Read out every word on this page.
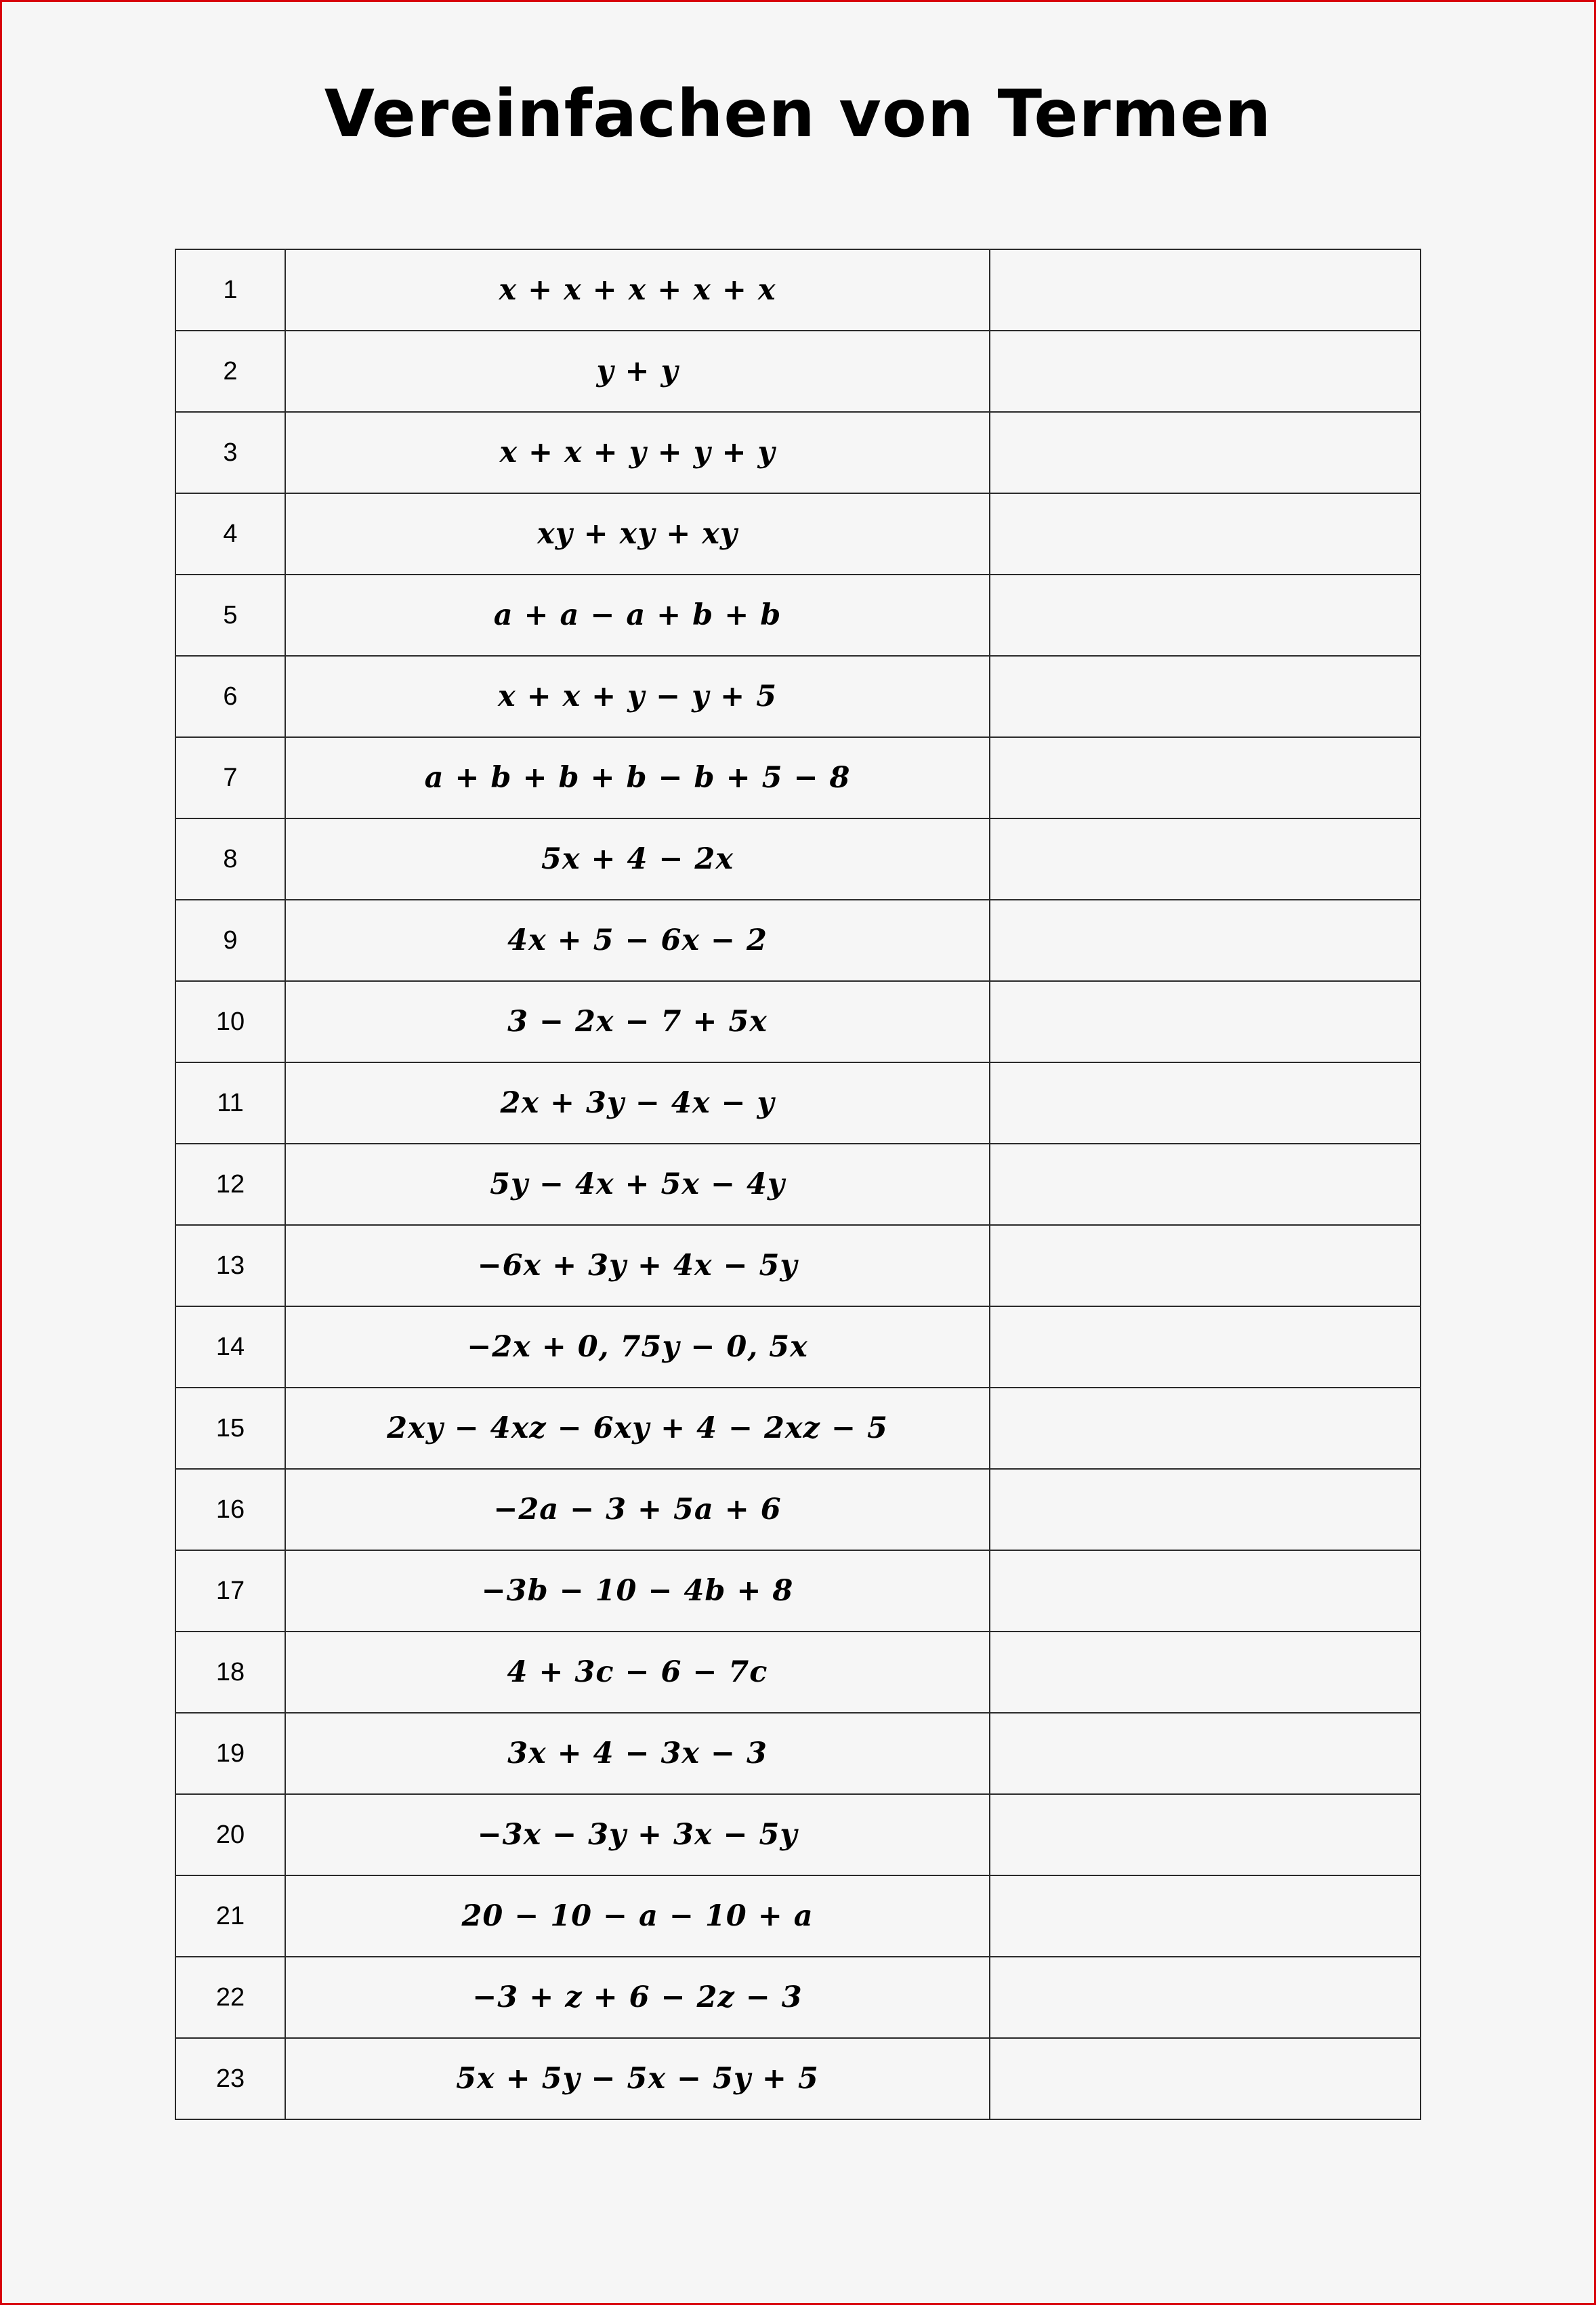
Vereinfachen von Termen
1	x + x + x + x + x	
2	y + y	
3	x + x + y + y + y	
4	xy + xy + xy	
5	a + a − a + b + b	
6	x + x + y − y + 5	
7	a + b + b + b − b + 5 − 8	
8	5x + 4 − 2x	
9	4x + 5 − 6x − 2	
10	3 − 2x − 7 + 5x	
11	2x + 3y − 4x − y	
12	5y − 4x + 5x − 4y	
13	−6x + 3y + 4x − 5y	
14	−2x + 0, 75y − 0, 5x	
15	2xy − 4xz − 6xy + 4 − 2xz − 5	
16	−2a − 3 + 5a + 6	
17	−3b − 10 − 4b + 8	
18	4 + 3c − 6 − 7c	
19	3x + 4 − 3x − 3	
20	−3x − 3y + 3x − 5y	
21	20 − 10 − a − 10 + a	
22	−3 + z + 6 − 2z − 3	
23	5x + 5y − 5x − 5y + 5	
